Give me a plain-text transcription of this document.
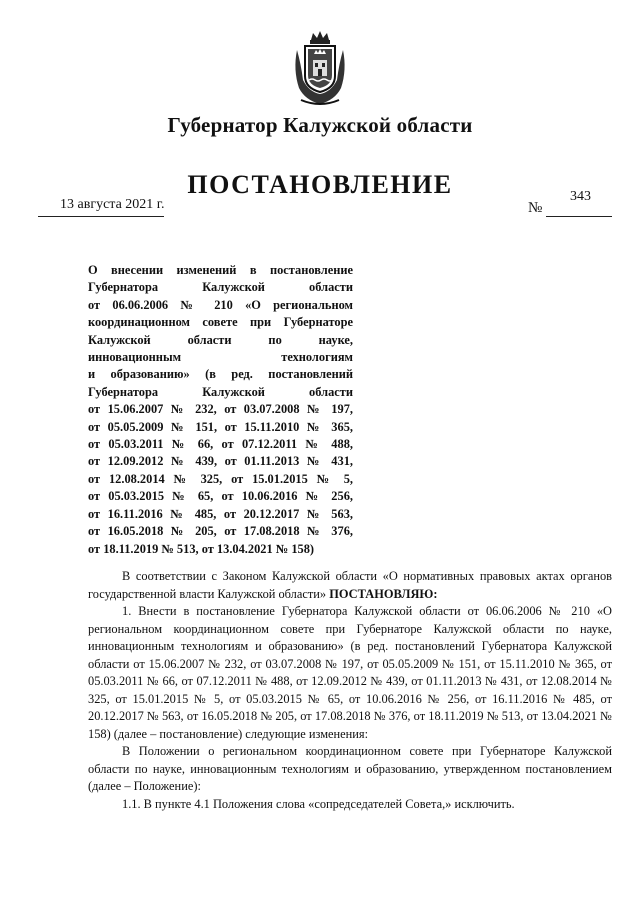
Губернатор Калужской области
ПОСТАНОВЛЕНИЕ
13 августа 2021 г.	№
343
О внесении изменений в постановление
Губернатора Калужской области
от 06.06.2006 № 210 «О региональном
координационном совете при Губернаторе
Калужской области по науке,
инновационным технологиям
и образованию» (в ред. постановлений
Губернатора Калужской области
от 15.06.2007 № 232, от 03.07.2008 № 197,
от 05.05.2009 № 151, от 15.11.2010 № 365,
от 05.03.2011 № 66, от 07.12.2011 № 488,
от 12.09.2012 № 439, от 01.11.2013 № 431,
от 12.08.2014 № 325, от 15.01.2015 № 5,
от 05.03.2015 № 65, от 10.06.2016 № 256,
от 16.11.2016 № 485, от 20.12.2017 № 563,
от 16.05.2018 № 205, от 17.08.2018 № 376,
от 18.11.2019 № 513, от 13.04.2021 № 158)

В соответствии с Законом Калужской области «О нормативных правовых актах органов государственной власти Калужской области» ПОСТАНОВЛЯЮ:

1. Внести в постановление Губернатора Калужской области от 06.06.2006 № 210 «О региональном координационном совете при Губернаторе Калужской области по науке, инновационным технологиям и образованию» (в ред. постановлений Губернатора Калужской области от 15.06.2007 № 232, от 03.07.2008 № 197, от 05.05.2009 № 151, от 15.11.2010 № 365, от 05.03.2011 № 66, от 07.12.2011 № 488, от 12.09.2012 № 439, от 01.11.2013 № 431, от 12.08.2014 № 325, от 15.01.2015 № 5, от 05.03.2015 № 65, от 10.06.2016 № 256, от 16.11.2016 № 485, от 20.12.2017 № 563, от 16.05.2018 № 205, от 17.08.2018 № 376, от 18.11.2019 № 513, от 13.04.2021 № 158) (далее – постановление) следующие изменения:

В Положении о региональном координационном совете при Губернаторе Калужской области по науке, инновационным технологиям и образованию, утвержденном постановлением (далее – Положение):

1.1. В пункте 4.1 Положения слова «сопредседателей Совета,» исключить.
